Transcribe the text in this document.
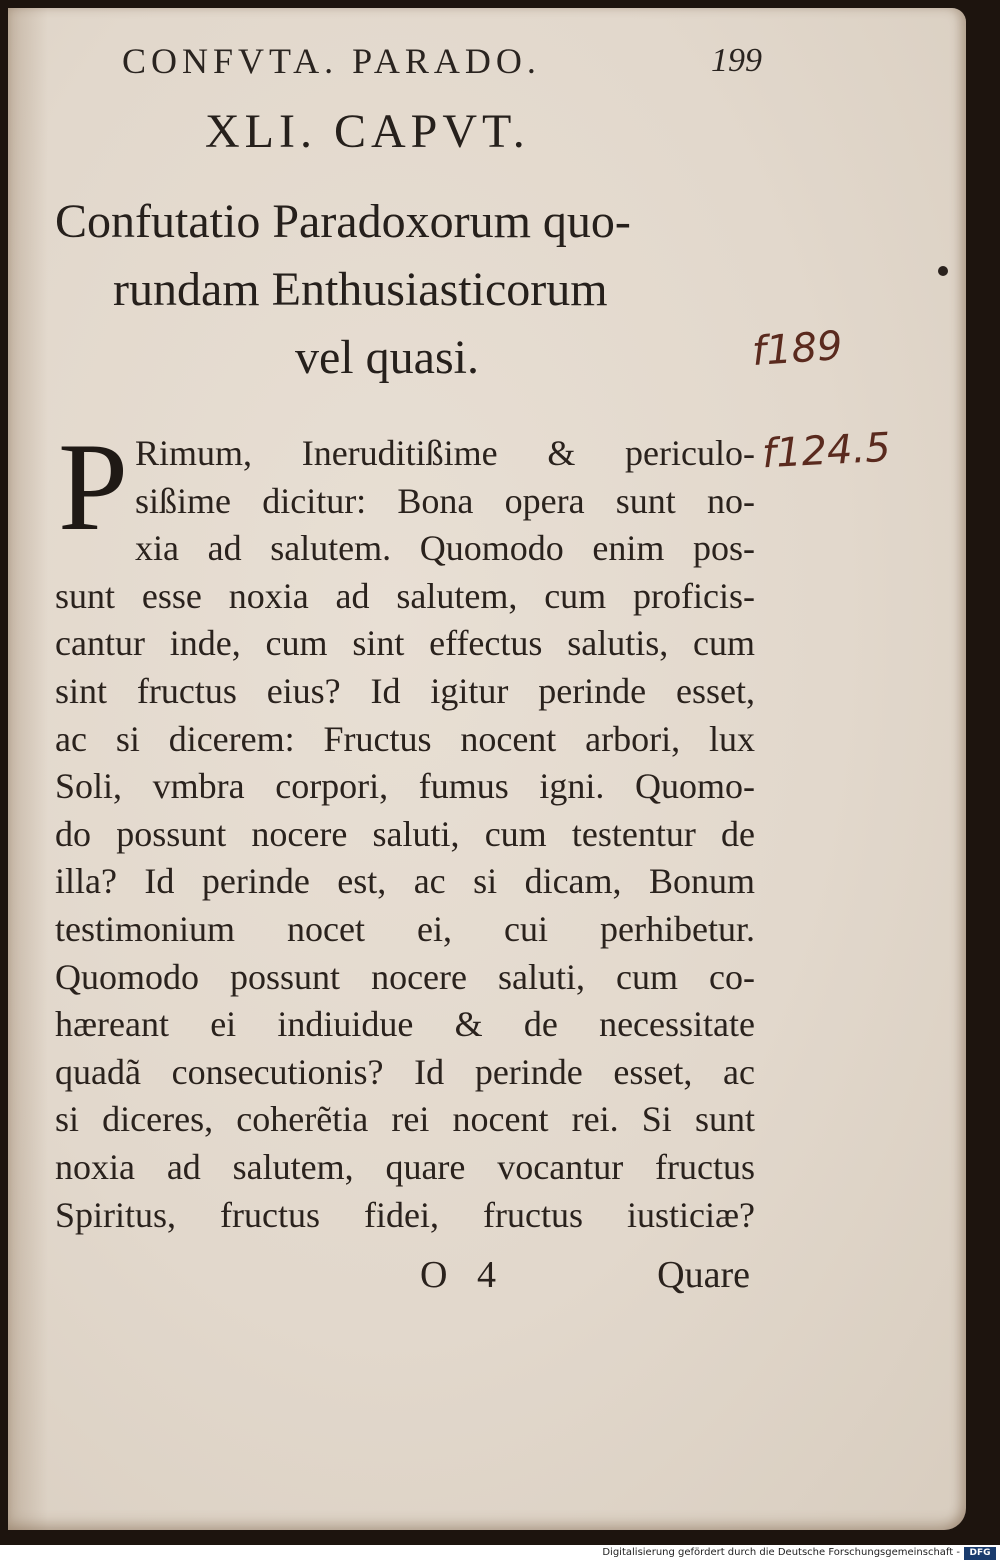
CONFVTA. PARADO.	199
XLI. CAPVT.
Confutatio Paradoxorum quo-
rundam Enthusiasticorum
vel quasi.
P Rimum, Ineruditißime & periculo-
sißime dicitur: Bona opera sunt no-
xia ad salutem. Quomodo enim pos-
sunt esse noxia ad salutem, cum proficis-
cantur inde, cum sint effectus salutis, cum
sint fructus eius? Id igitur perinde esset,
ac si dicerem: Fructus nocent arbori, lux
Soli, vmbra corpori, fumus igni. Quomo-
do possunt nocere saluti, cum testentur de
illa? Id perinde est, ac si dicam, Bonum
testimonium nocet ei, cui perhibetur.
Quomodo possunt nocere saluti, cum co-
hæreant ei indiuidue & de necessitate
quadã consecutionis? Id perinde esset, ac
si diceres, coherẽtia rei nocent rei. Si sunt
noxia ad salutem, quare vocantur fructus
Spiritus, fructus fidei, fructus iusticiæ?
O 4	Quare
f189
f124.5
Digitalisierung gefördert durch die Deutsche Forschungsgemeinschaft -	DFG
